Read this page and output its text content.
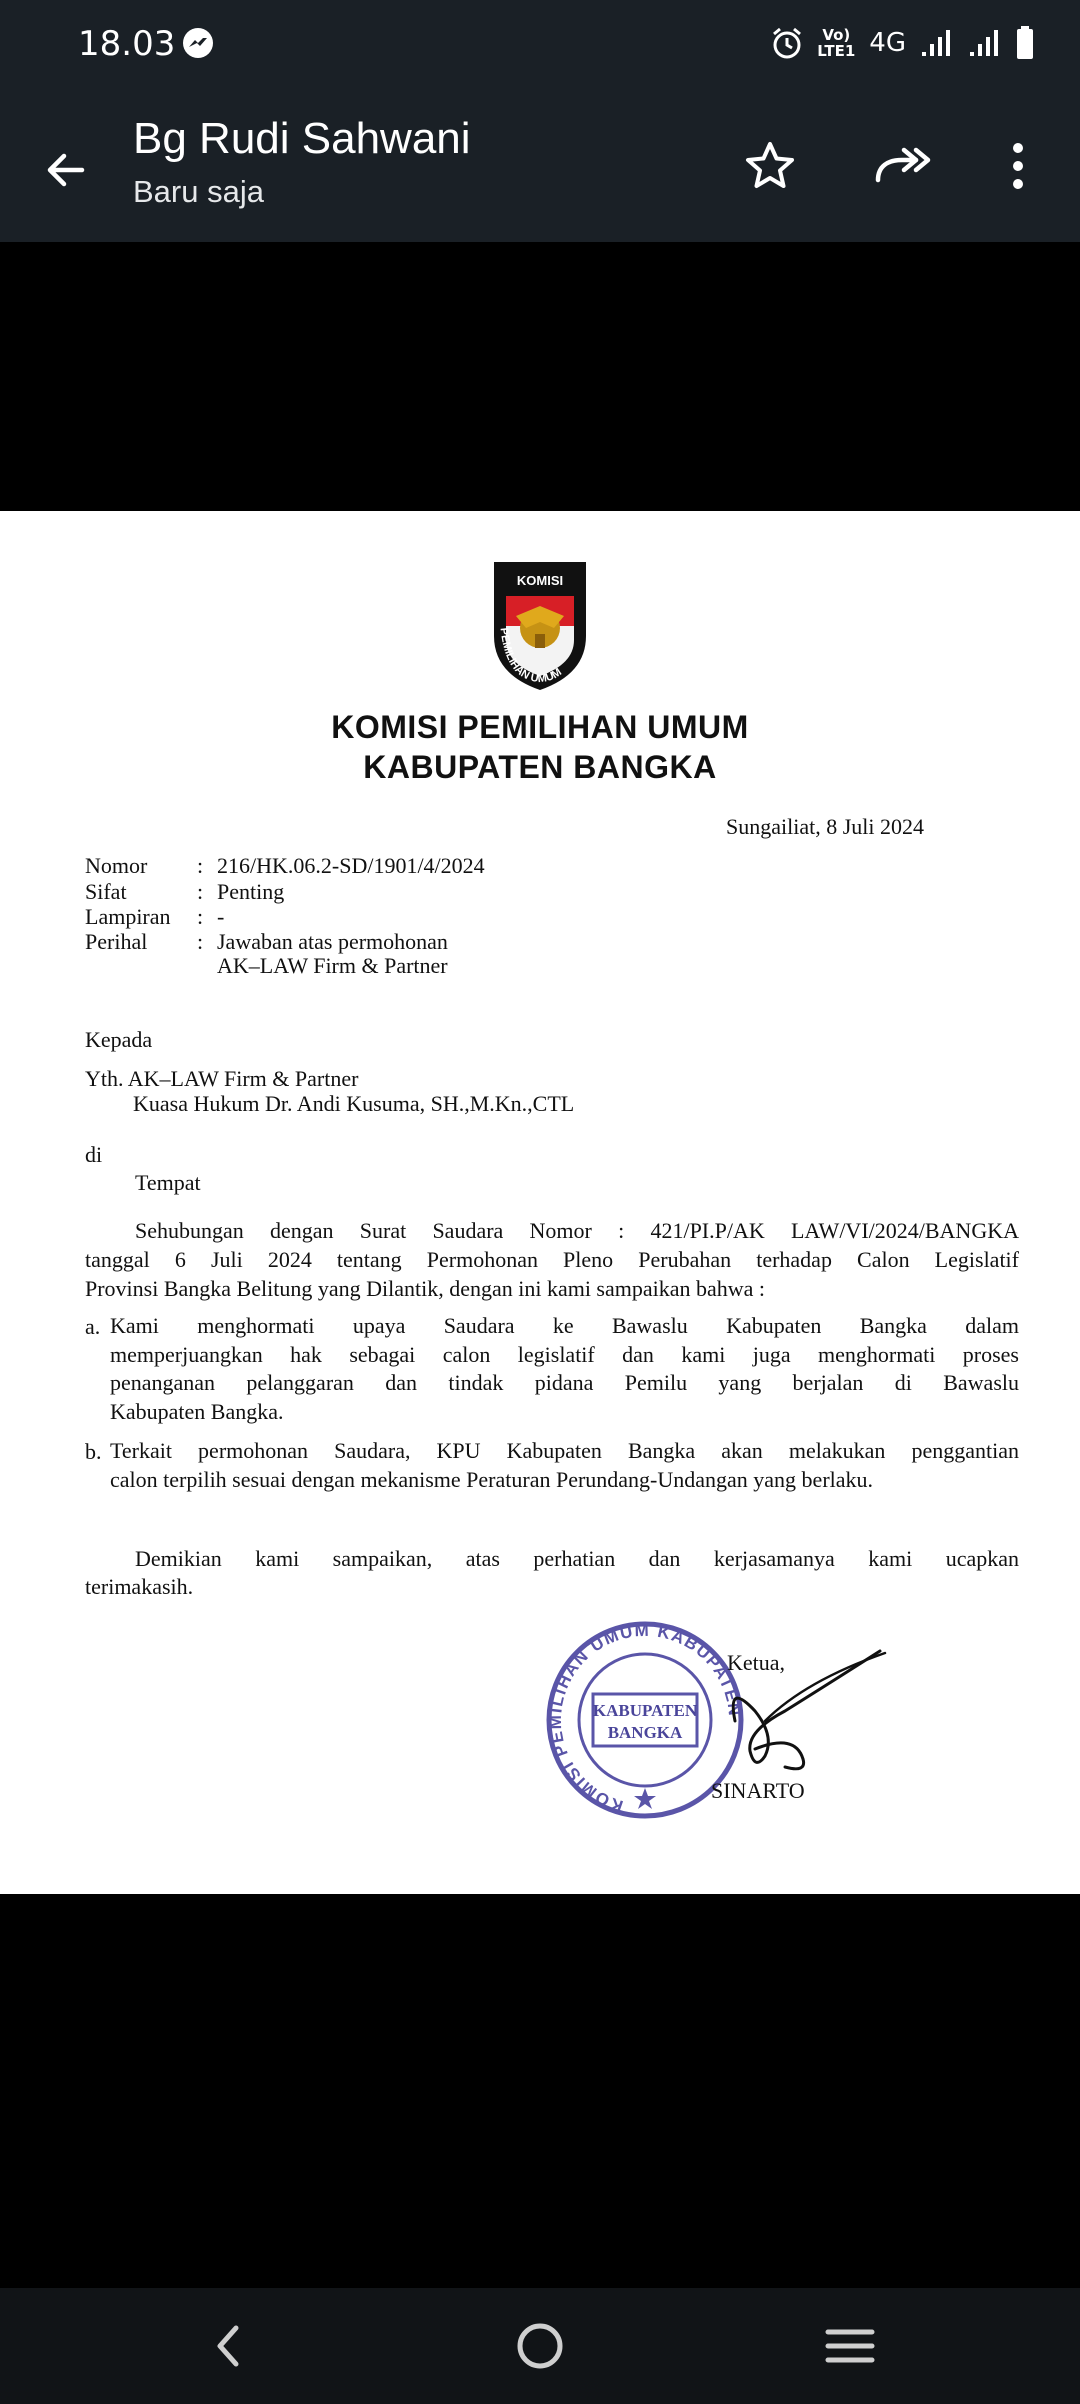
18.03	Vo)
LTE1 4G
Bg Rudi Sahwani
Baru saja
KOMISI
PEMILIHAN UMUM
KOMISI PEMILIHAN UMUM
KABUPATEN BANGKA
Sungailiat, 8 Juli 2024
Nomor : 216/HK.06.2-SD/1901/4/2024
Sifat	: Penting
Lampiran : -
Perihal : Jawaban atas permohonan
AK–LAW Firm & Partner
Kepada
Yth. AK–LAW Firm & Partner
Kuasa Hukum Dr. Andi Kusuma, SH.,M.Kn.,CTL
di
Tempat
Sehubungan dengan Surat Saudara Nomor : 421/PI.P/AK LAW/VI/2024/BANGKA
tanggal 6 Juli 2024 tentang Permohonan Pleno Perubahan terhadap Calon Legislatif
Provinsi Bangka Belitung yang Dilantik, dengan ini kami sampaikan bahwa :
a. Kami menghormati upaya Saudara ke Bawaslu Kabupaten Bangka dalam
memperjuangkan hak sebagai calon legislatif dan kami juga menghormati proses
penanganan pelanggaran dan tindak pidana Pemilu yang berjalan di Bawaslu
Kabupaten Bangka.
b. Terkait permohonan Saudara, KPU Kabupaten Bangka akan melakukan penggantian
calon terpilih sesuai dengan mekanisme Peraturan Perundang-Undangan yang berlaku.
Demikian kami sampaikan, atas perhatian dan kerjasamanya kami ucapkan
terimakasih.
KABUPATEN
BANGKA
KOMISI PEMILIHAN UMUM KABUPATEN
Ketua,
SINARTO
